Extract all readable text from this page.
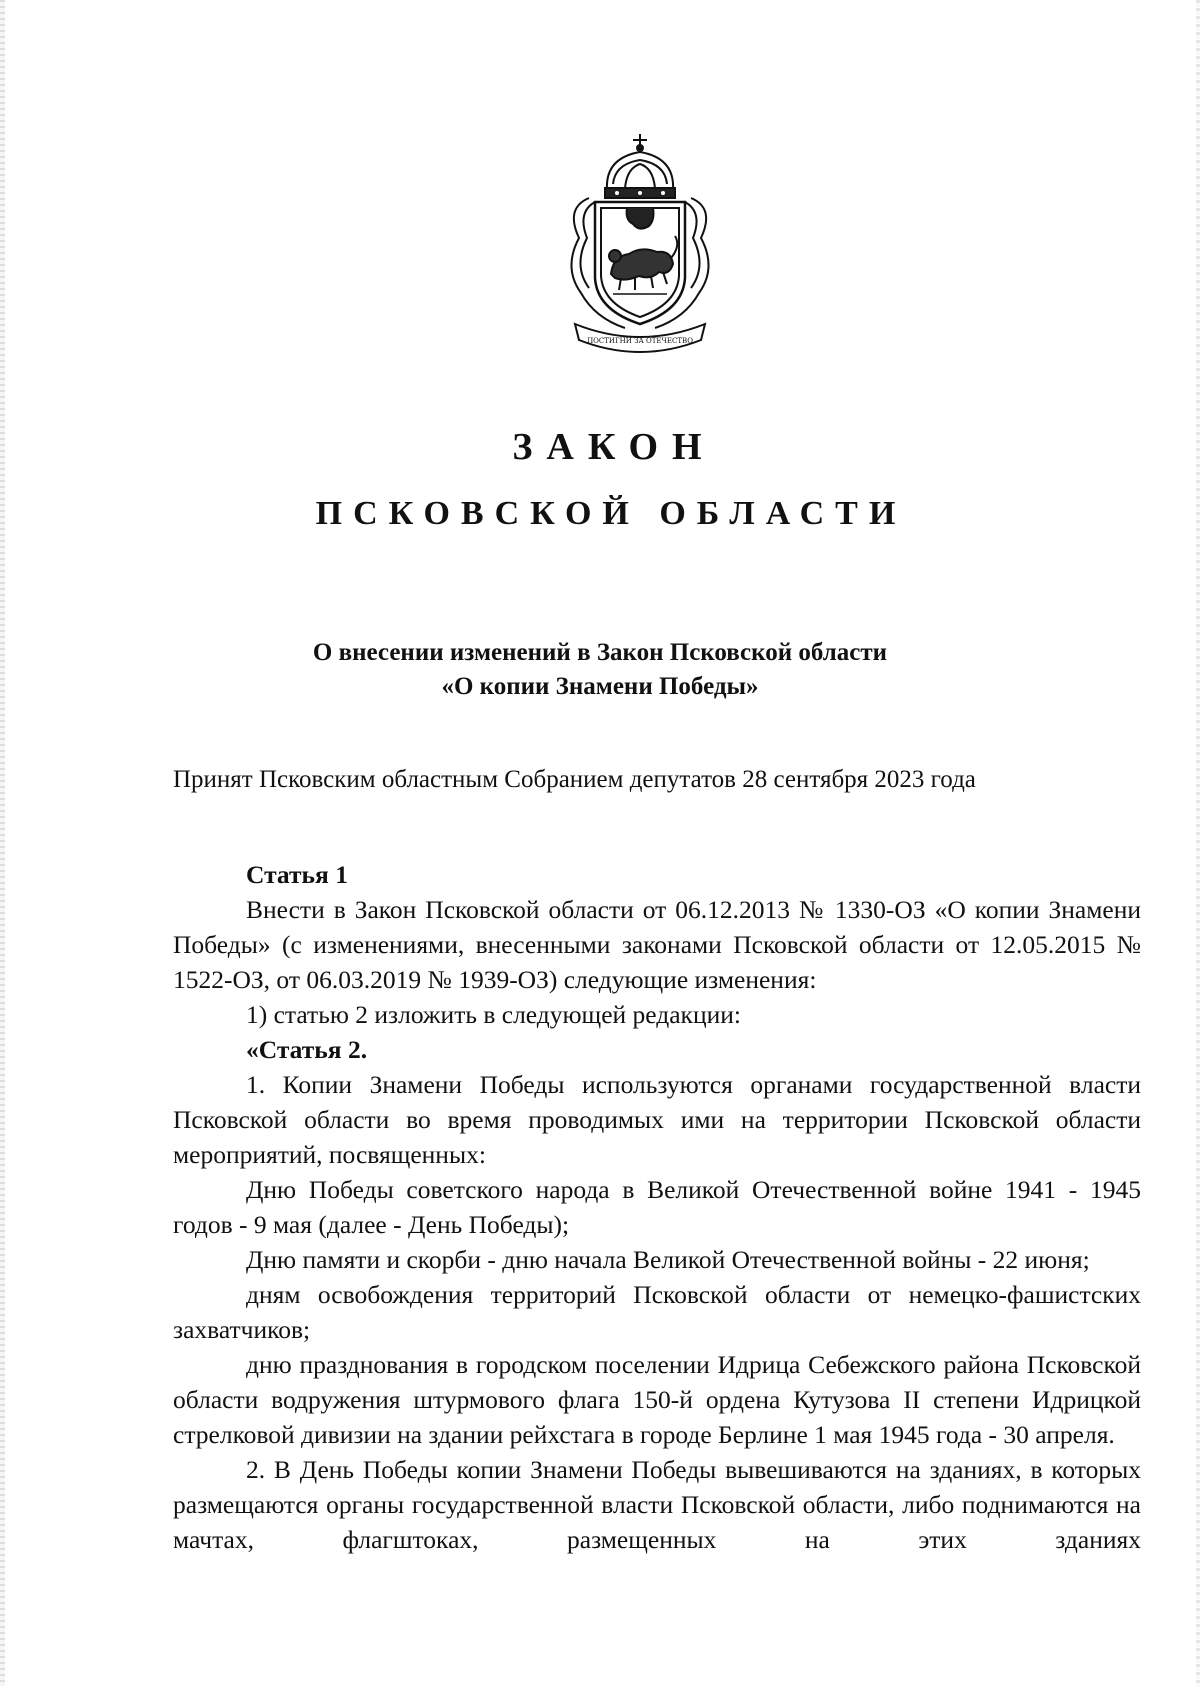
ПОСТИГНИ ЗА ОТЕЧЕСТВО
ЗАКОН
ПСКОВСКОЙ ОБЛАСТИ
О внесении изменений в Закон Псковской области
«О копии Знамени Победы»
Принят Псковским областным Собранием депутатов 28 сентября 2023 года

Статья 1

Внести в Закон Псковской области от 06.12.2013 № 1330-ОЗ «О копии Знамени Победы» (с изменениями, внесенными законами Псковской области от 12.05.2015 № 1522-ОЗ, от 06.03.2019 № 1939-ОЗ) следующие изменения:

1) статью 2 изложить в следующей редакции:

«Статья 2.

1. Копии Знамени Победы используются органами государственной власти Псковской области во время проводимых ими на территории Псковской области мероприятий, посвященных:

Дню Победы советского народа в Великой Отечественной войне 1941 - 1945 годов - 9 мая (далее - День Победы);

Дню памяти и скорби - дню начала Великой Отечественной войны - 22 июня;

дням освобождения территорий Псковской области от немецко-фашистских захватчиков;

дню празднования в городском поселении Идрица Себежского района Псковской области водружения штурмового флага 150-й ордена Кутузова II степени Идрицкой стрелковой дивизии на здании рейхстага в городе Берлине 1 мая 1945 года - 30 апреля.

2. В День Победы копии Знамени Победы вывешиваются на зданиях, в которых размещаются органы государственной власти Псковской области, либо поднимаются на мачтах, флагштоках, размещенных на этих зданиях
